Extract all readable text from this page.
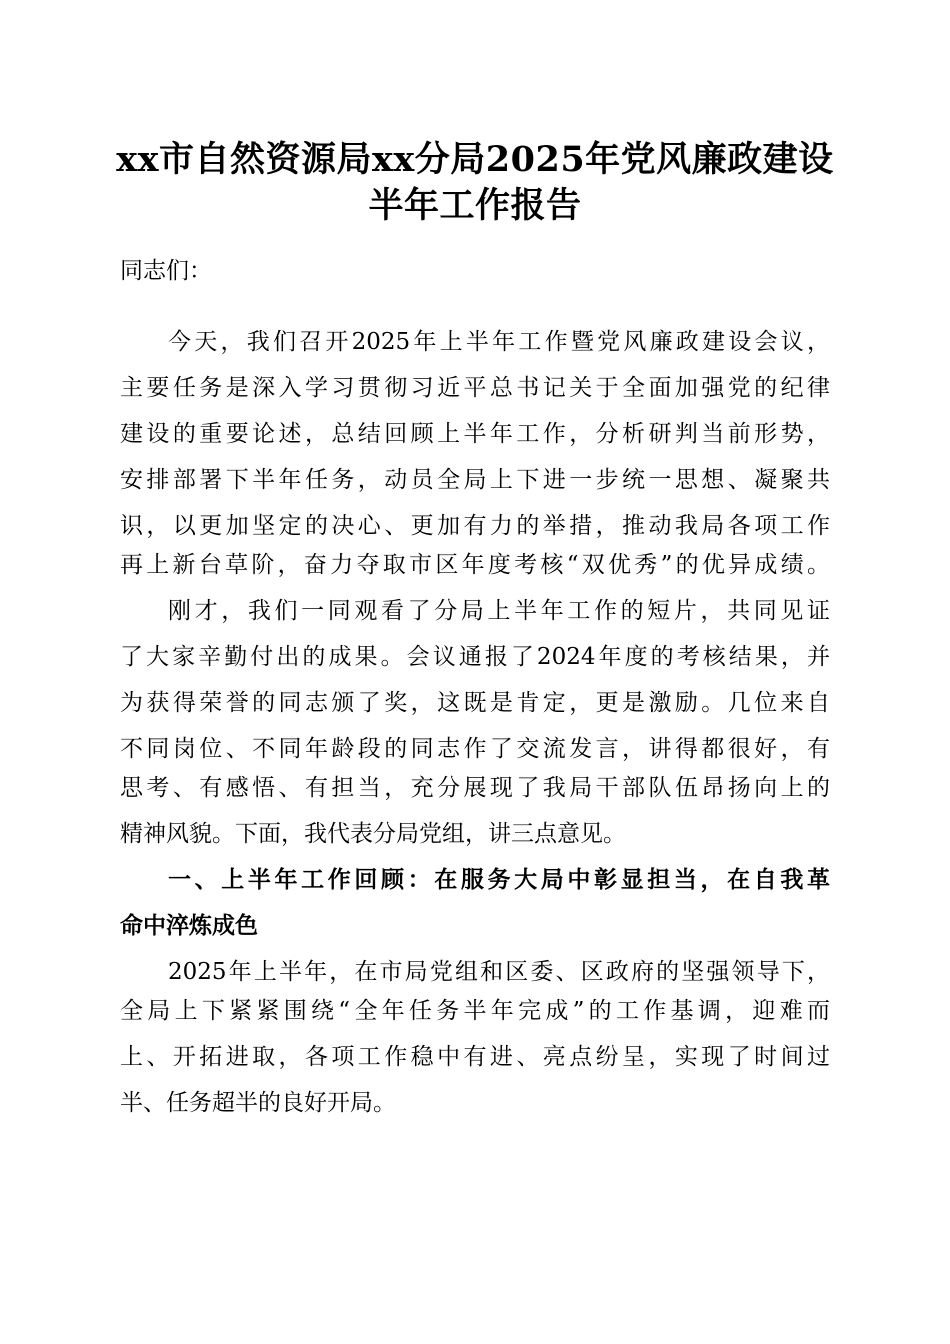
xx市自然资源局xx分局2025年党风廉政建设
半年工作报告
同志们：
今天，我们召开2025年上半年工作暨党风廉政建设会议，
主要任务是深入学习贯彻习近平总书记关于全面加强党的纪律
建设的重要论述，总结回顾上半年工作，分析研判当前形势，
安排部署下半年任务，动员全局上下进一步统一思想、凝聚共
识，以更加坚定的决心、更加有力的举措，推动我局各项工作
再上新台草阶，奋力夺取市区年度考核“双优秀”的优异成绩。
刚才，我们一同观看了分局上半年工作的短片，共同见证
了大家辛勤付出的成果。会议通报了2024年度的考核结果，并
为获得荣誉的同志颁了奖，这既是肯定，更是激励。几位来自
不同岗位、不同年龄段的同志作了交流发言，讲得都很好，有
思考、有感悟、有担当，充分展现了我局干部队伍昂扬向上的
精神风貌。下面，我代表分局党组，讲三点意见。
一、上半年工作回顾：在服务大局中彰显担当，在自我革
命中淬炼成色
2025年上半年，在市局党组和区委、区政府的坚强领导下，
全局上下紧紧围绕“全年任务半年完成”的工作基调，迎难而
上、开拓进取，各项工作稳中有进、亮点纷呈，实现了时间过
半、任务超半的良好开局。
